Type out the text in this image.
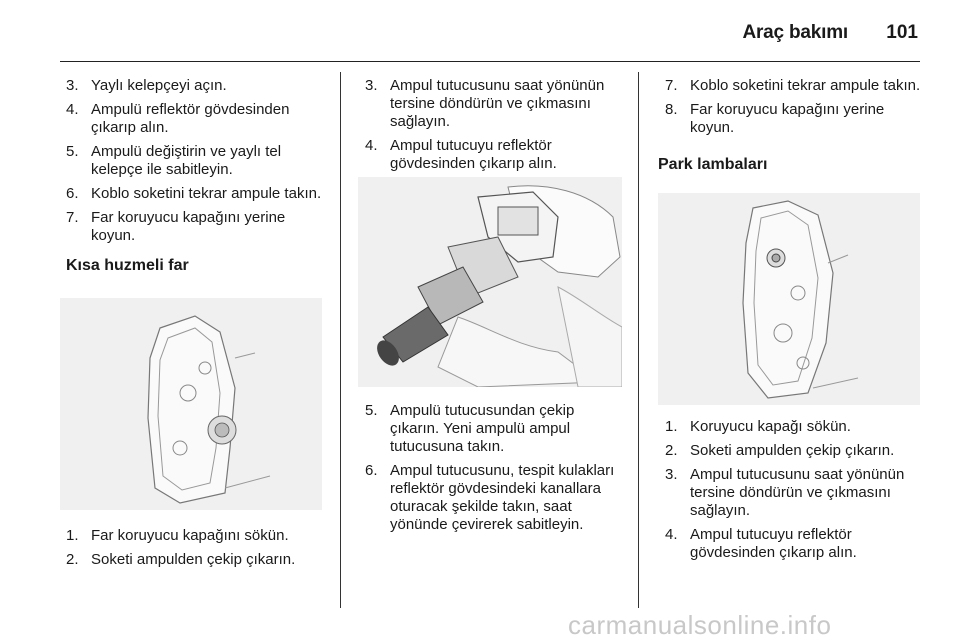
Araç bakımı 101
3. Yaylı kelepçeyi açın.
4. Ampulü reflektör gövdesinden çıkarıp alın.
5. Ampulü değiştirin ve yaylı tel kelepçe ile sabitleyin.
6. Koblo soketini tekrar ampule takın.
7. Far koruyucu kapağını yerine koyun.
Kısa huzmeli far
1. Far koruyucu kapağını sökün.
2. Soketi ampulden çekip çıkarın.
3. Ampul tutucusunu saat yönünün tersine döndürün ve çıkmasını sağlayın.
4. Ampul tutucuyu reflektör gövdesinden çıkarıp alın.
5. Ampulü tutucusundan çekip çıkarın. Yeni ampulü ampul tutucusuna takın.
6. Ampul tutucusunu, tespit kulakları reflektör gövdesindeki kanallara oturacak şekilde takın, saat yönünde çevirerek sabitleyin.
7. Koblo soketini tekrar ampule takın.
8. Far koruyucu kapağını yerine koyun.
Park lambaları
1. Koruyucu kapağı sökün.
2. Soketi ampulden çekip çıkarın.
3. Ampul tutucusunu saat yönünün tersine döndürün ve çıkmasını sağlayın.
4. Ampul tutucuyu reflektör gövdesinden çıkarıp alın.
carmanualsonline.info
